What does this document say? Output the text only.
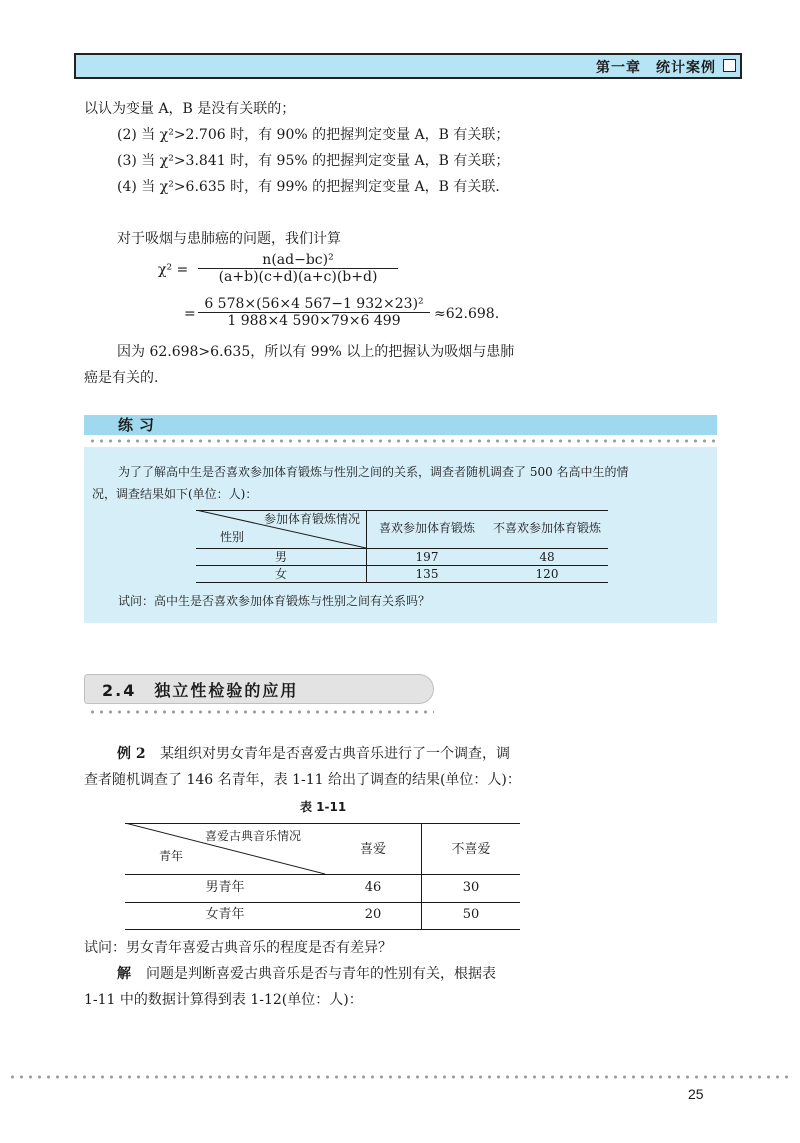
第一章　统计案例
以认为变量 A，B 是没有关联的；
(2) 当 χ²>2.706 时，有 90% 的把握判定变量 A，B 有关联；
(3) 当 χ²>3.841 时，有 95% 的把握判定变量 A，B 有关联；
(4) 当 χ²>6.635 时，有 99% 的把握判定变量 A，B 有关联．
对于吸烟与患肺癌的问题，我们计算
χ² =
n(ad−bc)²
(a+b)(c+d)(a+c)(b+d)
=
6 578×(56×4 567−1 932×23)²
1 988×4 590×79×6 499	≈62.698.
因为 62.698>6.635，所以有 99% 以上的把握认为吸烟与患肺
癌是有关的.
练习
为了了解高中生是否喜欢参加体育锻炼与性别之间的关系，调查者随机调查了 500 名高中生的情
况，调查结果如下(单位：人)：
参加体育锻炼情况
性别
喜欢参加体育锻炼	不喜欢参加体育锻炼
男	197	48
女	135	120
试问：高中生是否喜欢参加体育锻炼与性别之间有关系吗？
2.4　独立性检验的应用
例 2 某组织对男女青年是否喜爱古典音乐进行了一个调查，调
查者随机调查了 146 名青年，表 1-11 给出了调查的结果(单位：人)：
表 1-11
喜爱古典音乐情况
青年	喜爱	不喜爱
男青年	46	30
女青年	20	50
试问：男女青年喜爱古典音乐的程度是否有差异？
解 问题是判断喜爱古典音乐是否与青年的性别有关，根据表
1-11 中的数据计算得到表 1-12(单位：人)：
25
